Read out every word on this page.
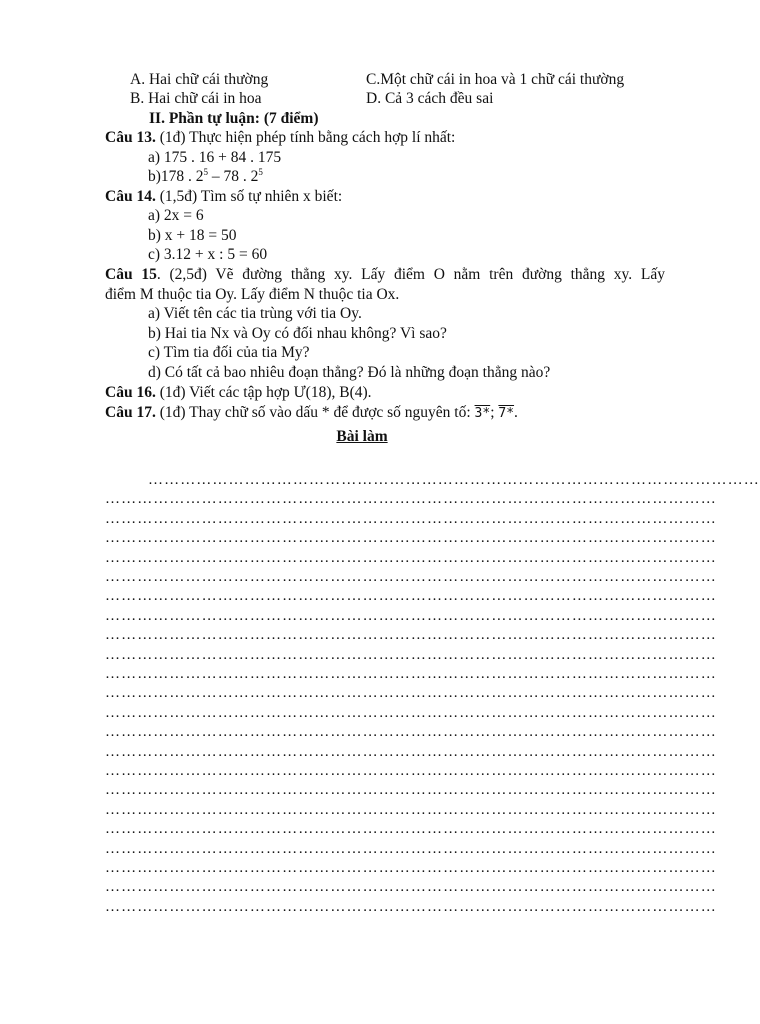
A. Hai chữ cái thường	C.Một chữ cái in hoa và 1 chữ cái thường
B. Hai chữ cái in hoa	D. Cả 3 cách đều sai
II. Phần tự luận: (7 điểm)
Câu 13. (1đ) Thực hiện phép tính bằng cách hợp lí nhất:
a) 175 . 16 + 84 . 175
b)178 . $2^5 - 78$ . $2^5$
Câu 14. (1,5đ) Tìm số tự nhiên x biết:
a) 2x = 6
b) x + 18 = 50
c) 3.12 + x : 5 = 60
Câu 15. (2,5đ) Vẽ đường thẳng xy. Lấy điểm O nằm trên đường thẳng xy. Lấy
điểm M thuộc tia Oy. Lấy điểm N thuộc tia Ox.
a) Viết tên các tia trùng với tia Oy.
b) Hai tia Nx và Oy có đối nhau không? Vì sao?
c) Tìm tia đối của tia My?
d) Có tất cả bao nhiêu đoạn thẳng? Đó là những đoạn thẳng nào?
Câu 16. (1đ) Viết các tập hợp Ư(18), B(4).
Câu 17. (1đ) Thay chữ số vào dấu * để được số nguyên tố: 3*; 7*.
Bài làm
……………………………………………………………………………………………………
……………………………………………………………………………………………………
……………………………………………………………………………………………………
……………………………………………………………………………………………………
……………………………………………………………………………………………………
……………………………………………………………………………………………………
……………………………………………………………………………………………………
……………………………………………………………………………………………………
……………………………………………………………………………………………………
……………………………………………………………………………………………………
……………………………………………………………………………………………………
……………………………………………………………………………………………………
……………………………………………………………………………………………………
……………………………………………………………………………………………………
……………………………………………………………………………………………………
……………………………………………………………………………………………………
……………………………………………………………………………………………………
……………………………………………………………………………………………………
……………………………………………………………………………………………………
……………………………………………………………………………………………………
……………………………………………………………………………………………………
……………………………………………………………………………………………………
……………………………………………………………………………………………………
